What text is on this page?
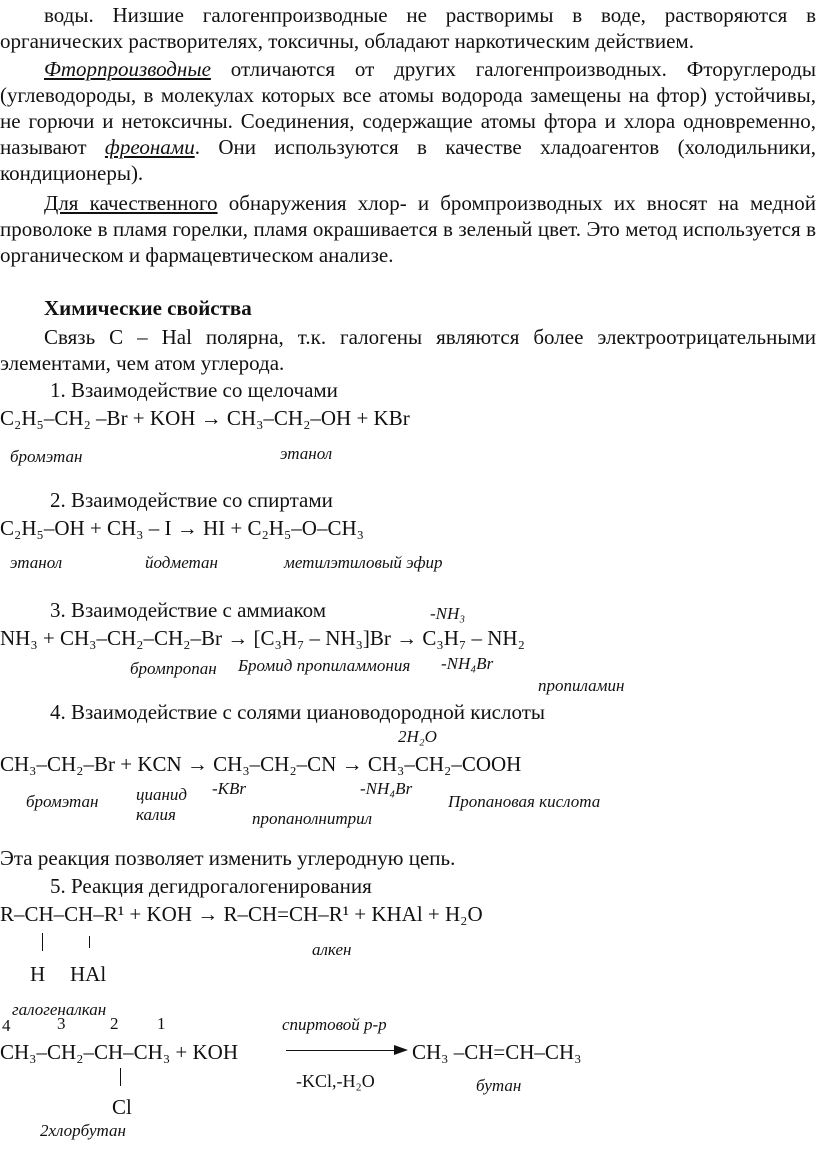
воды. Низшие галогенпроизводные не растворимы в воде, растворяются в органических растворителях, токсичны, обладают наркотическим действием.

Фторпроизводные отличаются от других галогенпроизводных. Фторуглероды (углеводороды, в молекулах которых все атомы водорода замещены на фтор) устойчивы, не горючи и нетоксичны. Соединения, содержащие атомы фтора и хлора одновременно, называют фреонами. Они используются в качестве хладоагентов (холодильники, кондиционеры).

Для качественного обнаружения хлор- и бромпроизводных их вносят на медной проволоке в пламя горелки, пламя окрашивается в зеленый цвет. Это метод используется в органическом и фармацевтическом анализе.

Химические свойства

Связь C – Hal полярна, т.к. галогены являются более электроотрицательными элементами, чем атом углерода.

1. Взаимодействие со щелочами
C₂H₅–CH₂ –Br + KOH → CH₃–CH₂–OH + KBr
бромэтан	этанол
2. Взаимодействие со спиртами
C₂H₅–OH + CH₃ – I → HI + C₂H₅–O–CH₃
этанол	йодметан	метилэтиловый эфир
3. Взаимодействие с аммиаком	-NH₃
NH₃ + CH₃–CH₂–CH₂–Br → [C₃H₇ – NH₃]Br → C₃H₇ – NH₂
бромпропан Бромид пропиламмония -NH₄Br
пропиламин
4. Взаимодействие с солями циановодородной кислоты
2H₂O
CH₃–CH₂–Br + KCN → CH₃–CH₂–CN → CH₃–CH₂–COOH
бромэтан цианид
калия
-KBr
пропанолнитрил
-NH₄Br
Пропановая кислота
Эта реакция позволяет изменить углеродную цепь.
5. Реакция дегидрогалогенирования
R–CH–CH–R¹ + KOH → R–CH=CH–R¹ + KHAl + H₂O
H HAl
алкен
галогеналкан
4	3	2 1	спиртовой р-р
CH₃–CH₂–CH–CH₃ + KOH	CH₃ –CH=CH–CH₃
-KCl,-H₂O	бутан
Cl
2хлорбутан
